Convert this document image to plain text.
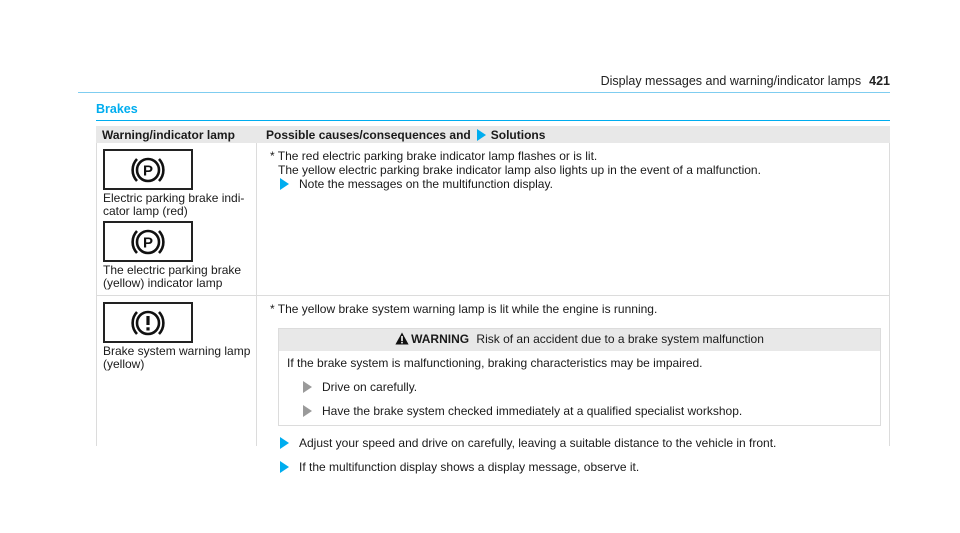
Display messages and warning/indicator lamps 421
Brakes
Warning/indicator lamp	Possible causes/consequences and Solutions
P
Electric parking brake indi-
cator lamp (red)
P
The electric parking brake
(yellow) indicator lamp
* The red electric parking brake indicator lamp flashes or is lit.
The yellow electric parking brake indicator lamp also lights up in the event of a malfunction.
Note the messages on the multifunction display.
Brake system warning lamp
(yellow)
* The yellow brake system warning lamp is lit while the engine is running.
WARNING Risk of an accident due to a brake system malfunction
If the brake system is malfunctioning, braking characteristics may be impaired.
Drive on carefully.
Have the brake system checked immediately at a qualified specialist workshop.
Adjust your speed and drive on carefully, leaving a suitable distance to the vehicle in front.
If the multifunction display shows a display message, observe it.
